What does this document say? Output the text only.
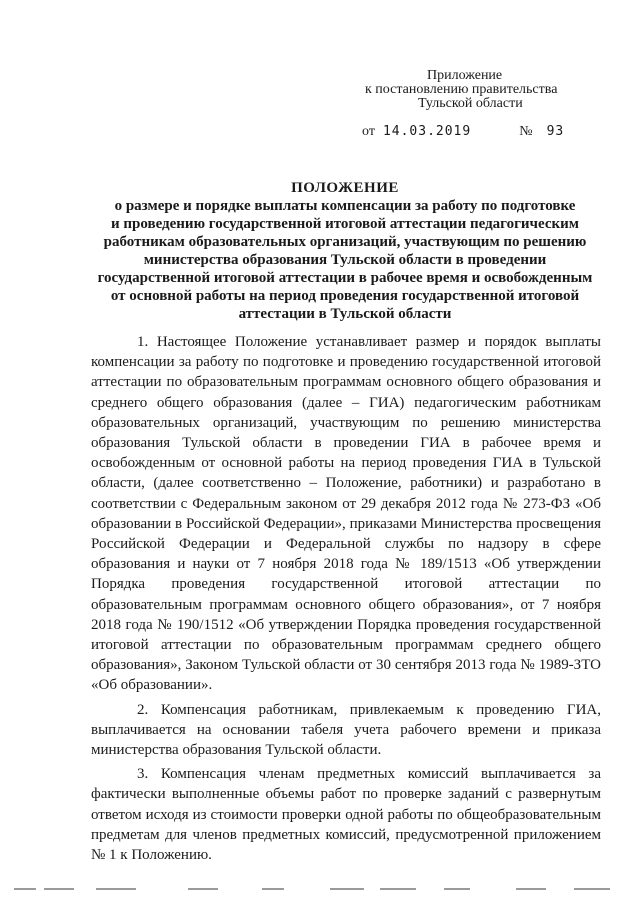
Приложение
к постановлению правительства
Тульской области
от 14.03.2019	№ 93
ПОЛОЖЕНИЕ
о размере и порядке выплаты компенсации за работу по подготовке
и проведению государственной итоговой аттестации педагогическим
работникам образовательных организаций, участвующим по решению
министерства образования Тульской области в проведении
государственной итоговой аттестации в рабочее время и освобожденным
от основной работы на период проведения государственной итоговой
аттестации в Тульской области

1. Настоящее Положение устанавливает размер и порядок выплаты компенсации за работу по подготовке и проведению государственной итоговой аттестации по образовательным программам основного общего образования и среднего общего образования (далее – ГИА) педагогическим работникам образовательных организаций, участвующим по решению министерства образования Тульской области в проведении ГИА в рабочее время и освобожденным от основной работы на период проведения ГИА в Тульской области, (далее соответственно – Положение, работники) и разработано в соответствии с Федеральным законом от 29 декабря 2012 года № 273-ФЗ «Об образовании в Российской Федерации», приказами Министерства просвещения Российской Федерации и Федеральной службы по надзору в сфере образования и науки от 7 ноября 2018 года № 189/1513 «Об утверждении Порядка проведения государственной итоговой аттестации по образовательным программам основного общего образования», от 7 ноября 2018 года № 190/1512 «Об утверждении Порядка проведения государственной итоговой аттестации по образовательным программам среднего общего образования», Законом Тульской области от 30 сентября 2013 года № 1989-ЗТО «Об образовании».

2. Компенсация работникам, привлекаемым к проведению ГИА, выплачивается на основании табеля учета рабочего времени и приказа министерства образования Тульской области.

3. Компенсация членам предметных комиссий выплачивается за фактически выполненные объемы работ по проверке заданий с развернутым ответом исходя из стоимости проверки одной работы по общеобразовательным предметам для членов предметных комиссий, предусмотренной приложением № 1 к Положению.
